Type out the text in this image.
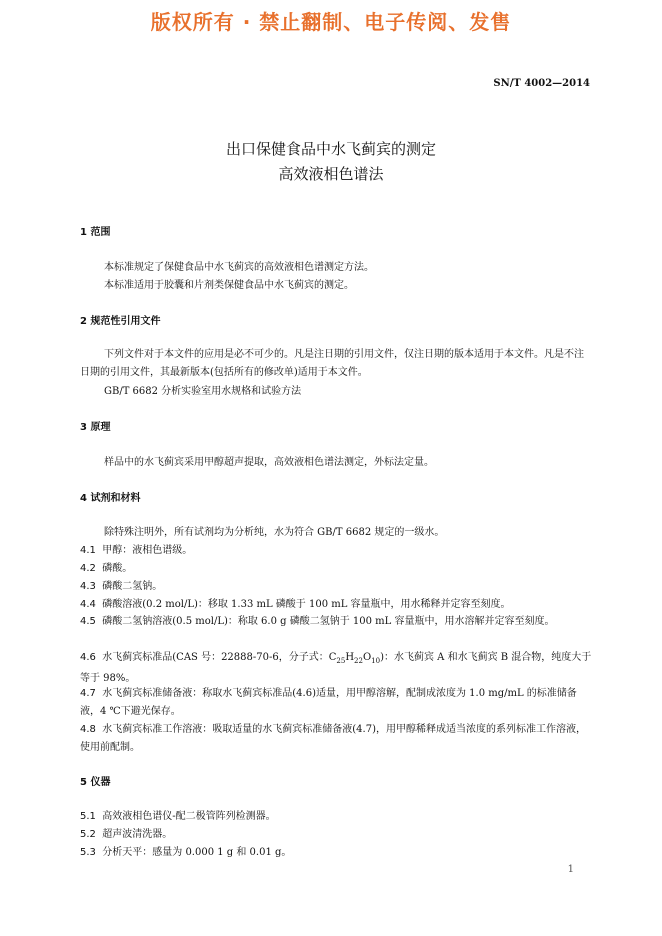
版权所有 · 禁止翻制、电子传阅、发售
SN/T 4002—2014
出口保健食品中水飞蓟宾的测定
高效液相色谱法
1 范围
本标准规定了保健食品中水飞蓟宾的高效液相色谱测定方法。
本标准适用于胶囊和片剂类保健食品中水飞蓟宾的测定。
2 规范性引用文件
下列文件对于本文件的应用是必不可少的。凡是注日期的引用文件，仅注日期的版本适用于本文件。凡是不注日期的引用文件，其最新版本(包括所有的修改单)适用于本文件。
GB/T 6682 分析实验室用水规格和试验方法
3 原理
样品中的水飞蓟宾采用甲醇超声提取，高效液相色谱法测定，外标法定量。
4 试剂和材料
除特殊注明外，所有试剂均为分析纯，水为符合 GB/T 6682 规定的一级水。
4.1 甲醇：液相色谱级。
4.2 磷酸。
4.3 磷酸二氢钠。
4.4 磷酸溶液(0.2 mol/L)：移取 1.33 mL 磷酸于 100 mL 容量瓶中，用水稀释并定容至刻度。
4.5 磷酸二氢钠溶液(0.5 mol/L)：称取 6.0 g 磷酸二氢钠于 100 mL 容量瓶中，用水溶解并定容至刻度。
4.6 水飞蓟宾标准品(CAS 号：22888-70-6，分子式：$C_{25}H_{22}O_{10}$)：水飞蓟宾 A 和水飞蓟宾 B 混合物，纯度大于等于 98%。
4.7 水飞蓟宾标准储备液：称取水飞蓟宾标准品(4.6)适量，用甲醇溶解，配制成浓度为 1.0 mg/mL 的标准储备液，4 ℃下避光保存。
4.8 水飞蓟宾标准工作溶液：吸取适量的水飞蓟宾标准储备液(4.7)，用甲醇稀释成适当浓度的系列标准工作溶液，使用前配制。
5 仪器
5.1 高效液相色谱仪-配二极管阵列检测器。
5.2 超声波清洗器。
5.3 分析天平：感量为 0.000 1 g 和 0.01 g。
1
